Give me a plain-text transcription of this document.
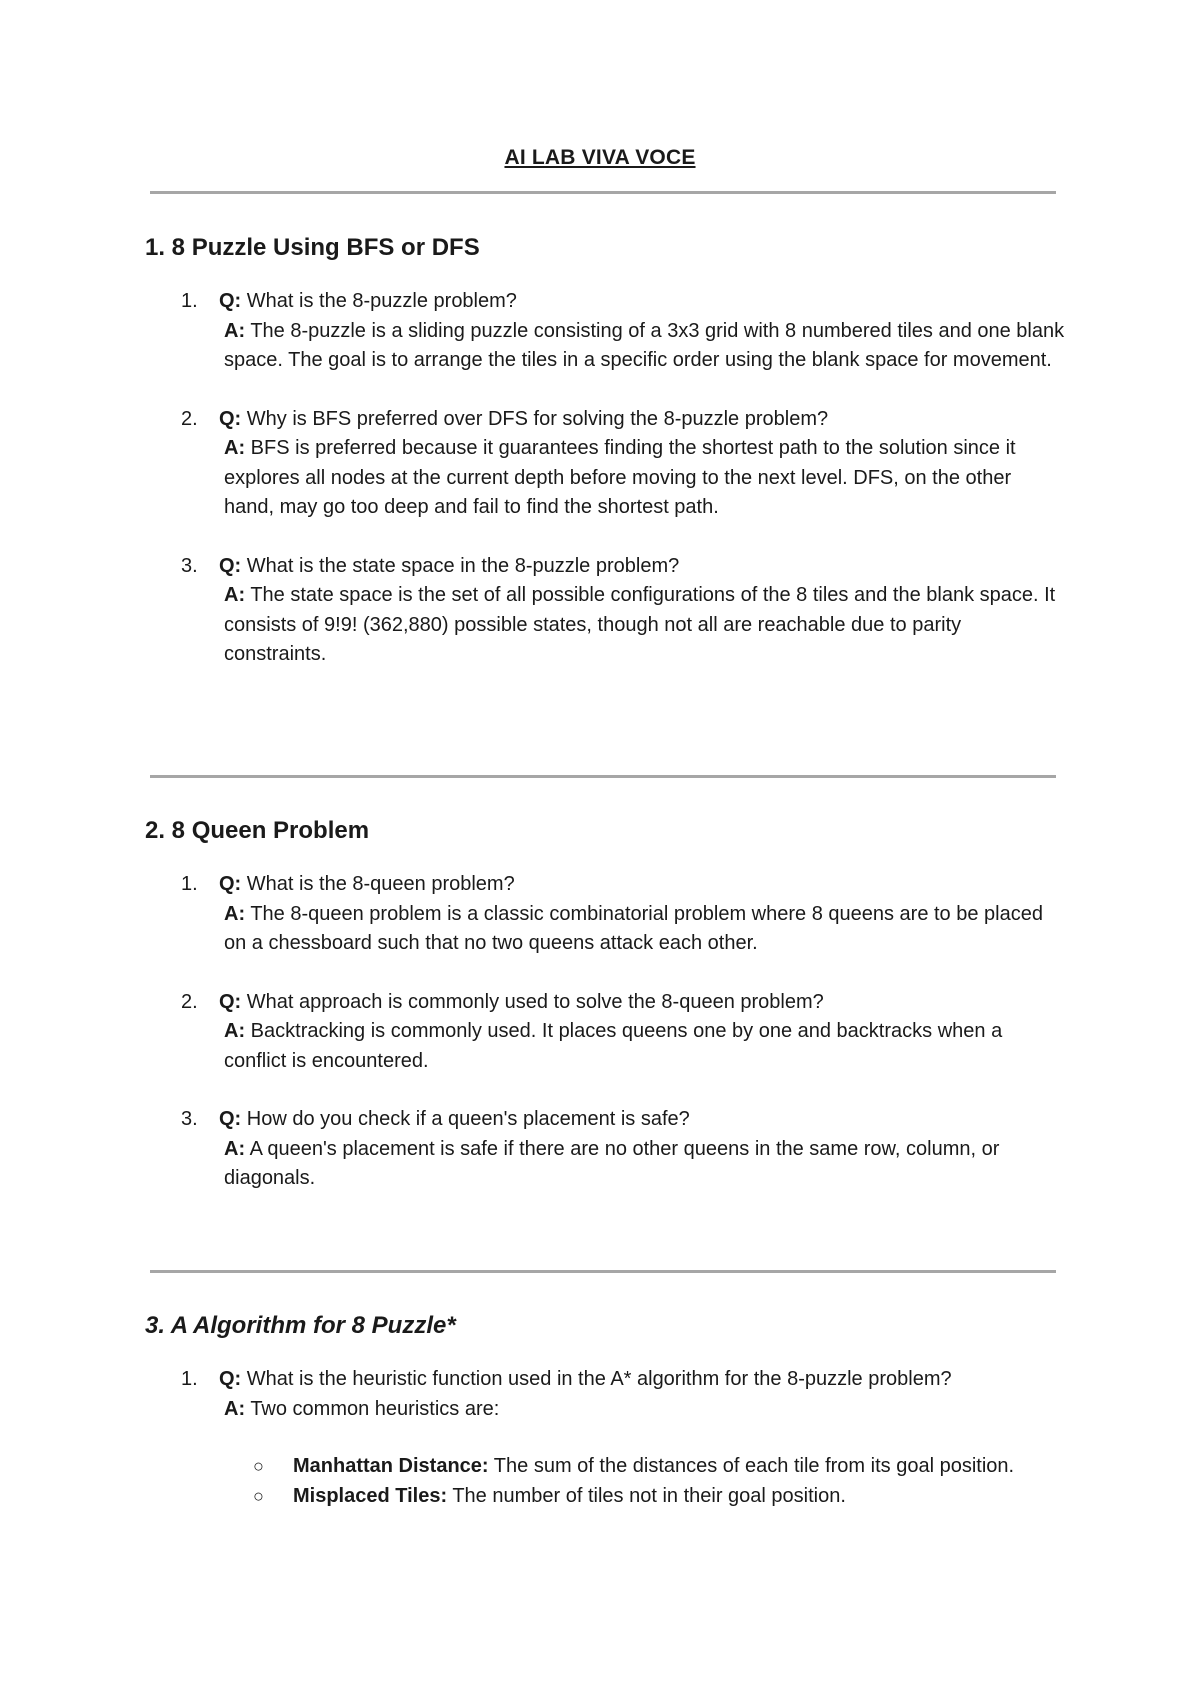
AI LAB VIVA VOCE
1. 8 Puzzle Using BFS or DFS
1. Q: What is the 8-puzzle problem?
A: The 8-puzzle is a sliding puzzle consisting of a 3x3 grid with 8 numbered tiles and one blank space. The goal is to arrange the tiles in a specific order using the blank space for movement.
2. Q: Why is BFS preferred over DFS for solving the 8-puzzle problem?
A: BFS is preferred because it guarantees finding the shortest path to the solution since it explores all nodes at the current depth before moving to the next level. DFS, on the other hand, may go too deep and fail to find the shortest path.
3. Q: What is the state space in the 8-puzzle problem?
A: The state space is the set of all possible configurations of the 8 tiles and the blank space. It consists of 9!9! (362,880) possible states, though not all are reachable due to parity constraints.
2. 8 Queen Problem
1. Q: What is the 8-queen problem?
A: The 8-queen problem is a classic combinatorial problem where 8 queens are to be placed on a chessboard such that no two queens attack each other.
2. Q: What approach is commonly used to solve the 8-queen problem?
A: Backtracking is commonly used. It places queens one by one and backtracks when a conflict is encountered.
3. Q: How do you check if a queen's placement is safe?
A: A queen's placement is safe if there are no other queens in the same row, column, or diagonals.
3. A Algorithm for 8 Puzzle*
1. Q: What is the heuristic function used in the A* algorithm for the 8-puzzle problem?
A: Two common heuristics are:
○ Manhattan Distance: The sum of the distances of each tile from its goal position.
○ Misplaced Tiles: The number of tiles not in their goal position.
